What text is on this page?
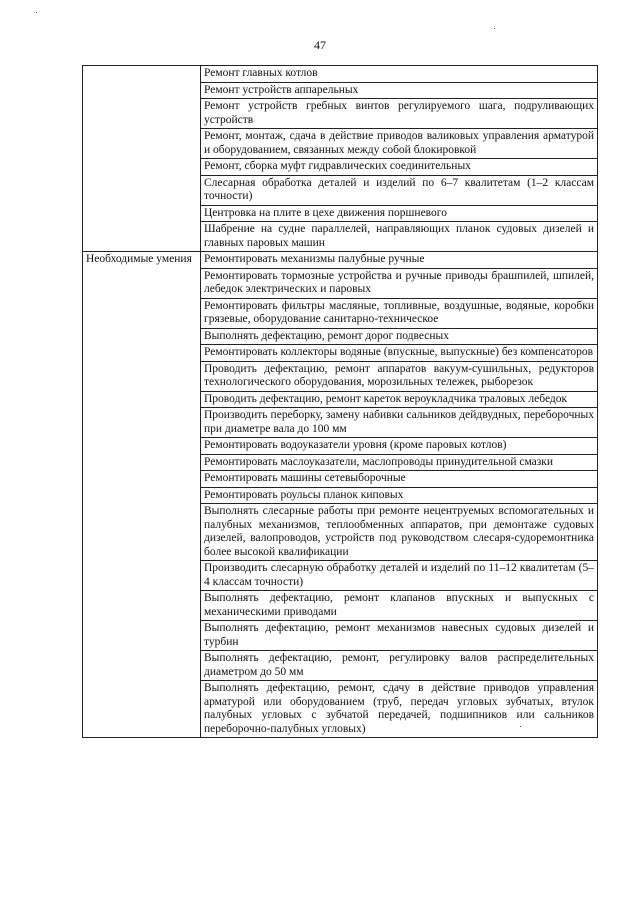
47
	Ремонт главных котлов
	Ремонт устройств аппарельных
	Ремонт устройств гребных винтов регулируемого шага, подруливающих устройств
	Ремонт, монтаж, сдача в действие приводов валиковых управления арматурой и оборудованием, связанных между собой блокировкой
	Ремонт, сборка муфт гидравлических соединительных
	Слесарная обработка деталей и изделий по 6–7 квалитетам (1–2 классам точности)
	Центровка на плите в цехе движения поршневого
	Шабрение на судне параллелей, направляющих планок судовых дизелей и главных паровых машин
Необходимые умения	Ремонтировать механизмы палубные ручные
	Ремонтировать тормозные устройства и ручные приводы брашпилей, шпилей, лебедок электрических и паровых
	Ремонтировать фильтры масляные, топливные, воздушные, водяные, коробки грязевые, оборудование санитарно-техническое
	Выполнять дефектацию, ремонт дорог подвесных
	Ремонтировать коллекторы водяные (впускные, выпускные) без компенсаторов
	Проводить дефектацию, ремонт аппаратов вакуум-сушильных, редукторов технологического оборудования, морозильных тележек, рыборезок
	Проводить дефектацию, ремонт кареток вероукладчика траловых лебедок
	Производить переборку, замену набивки сальников дейдвудных, переборочных при диаметре вала до 100 мм
	Ремонтировать водоуказатели уровня (кроме паровых котлов)
	Ремонтировать маслоуказатели, маслопроводы принудительной смазки
	Ремонтировать машины сетевыборочные
	Ремонтировать роульсы планок киповых
	Выполнять слесарные работы при ремонте нецентруемых вспомогательных и палубных механизмов, теплообменных аппаратов, при демонтаже судовых дизелей, валопроводов, устройств под руководством слесаря-судоремонтника более высокой квалификации
	Производить слесарную обработку деталей и изделий по 11–12 квалитетам (5–4 классам точности)
	Выполнять дефектацию, ремонт клапанов впускных и выпускных с механическими приводами
	Выполнять дефектацию, ремонт механизмов навесных судовых дизелей и турбин
	Выполнять дефектацию, ремонт, регулировку валов распределительных диаметром до 50 мм
	Выполнять дефектацию, ремонт, сдачу в действие приводов управления арматурой или оборудованием (труб, передач угловых зубчатых, втулок палубных угловых с зубчатой передачей, подшипников или сальников переборочно-палубных угловых)
